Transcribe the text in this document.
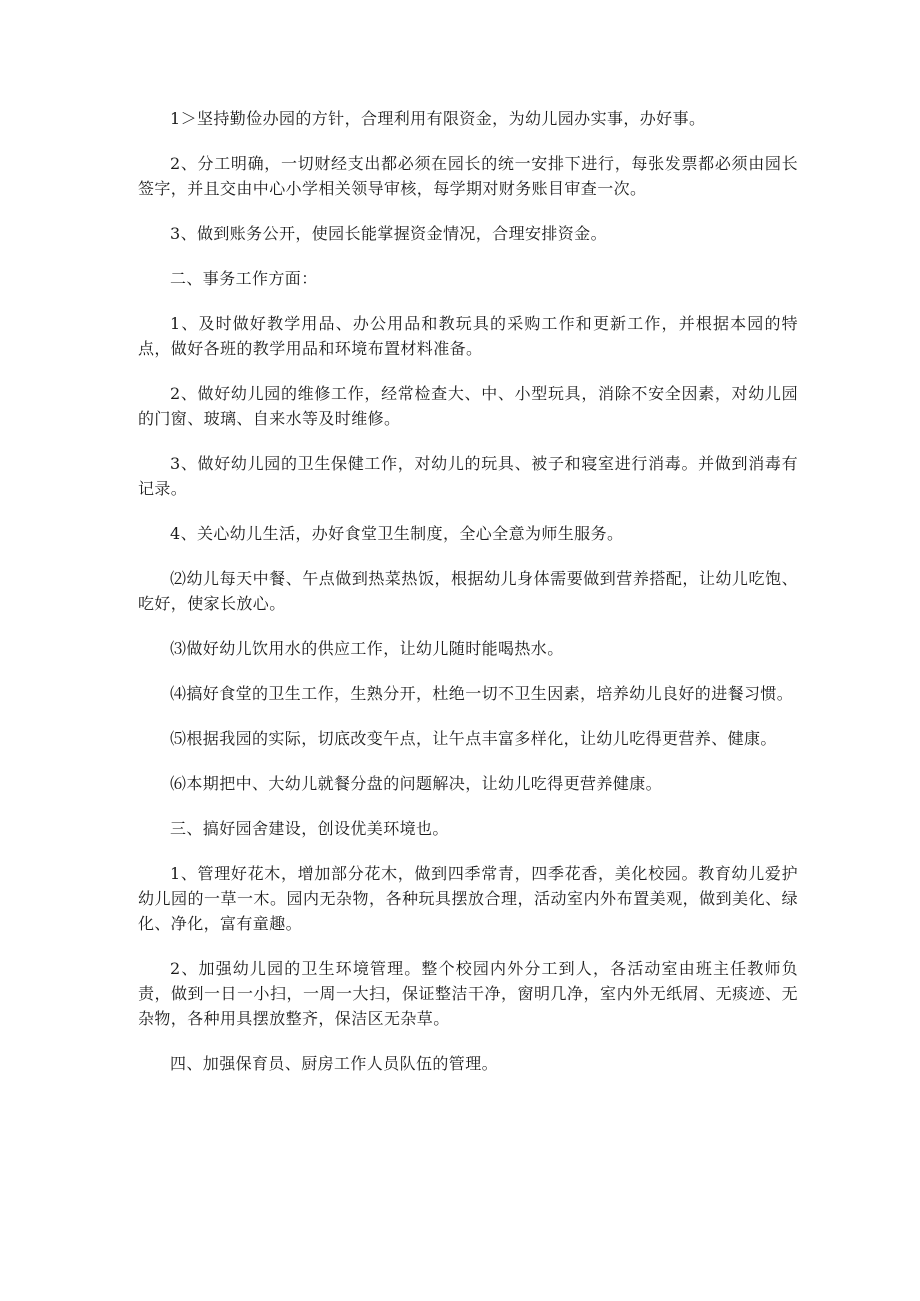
1＞坚持勤俭办园的方针，合理利用有限资金，为幼儿园办实事，办好事。

2、分工明确，一切财经支出都必须在园长的统一安排下进行，每张发票都必须由园长签字，并且交由中心小学相关领导审核，每学期对财务账目审查一次。

3、做到账务公开，使园长能掌握资金情况，合理安排资金。

二、事务工作方面：

1、及时做好教学用品、办公用品和教玩具的采购工作和更新工作，并根据本园的特点，做好各班的教学用品和环境布置材料准备。

2、做好幼儿园的维修工作，经常检查大、中、小型玩具，消除不安全因素，对幼儿园的门窗、玻璃、自来水等及时维修。

3、做好幼儿园的卫生保健工作，对幼儿的玩具、被子和寝室进行消毒。并做到消毒有记录。

4、关心幼儿生活，办好食堂卫生制度，全心全意为师生服务。

⑵幼儿每天中餐、午点做到热菜热饭，根据幼儿身体需要做到营养搭配，让幼儿吃饱、吃好，使家长放心。

⑶做好幼儿饮用水的供应工作，让幼儿随时能喝热水。

⑷搞好食堂的卫生工作，生熟分开，杜绝一切不卫生因素，培养幼儿良好的进餐习惯。

⑸根据我园的实际，切底改变午点，让午点丰富多样化，让幼儿吃得更营养、健康。

⑹本期把中、大幼儿就餐分盘的问题解决，让幼儿吃得更营养健康。

三、搞好园舍建设，创设优美环境也。

1、管理好花木，增加部分花木，做到四季常青，四季花香，美化校园。教育幼儿爱护幼儿园的一草一木。园内无杂物，各种玩具摆放合理，活动室内外布置美观，做到美化、绿化、净化，富有童趣。

2、加强幼儿园的卫生环境管理。整个校园内外分工到人，各活动室由班主任教师负责，做到一日一小扫，一周一大扫，保证整洁干净，窗明几净，室内外无纸屑、无痰迹、无杂物，各种用具摆放整齐，保洁区无杂草。

四、加强保育员、厨房工作人员队伍的管理。
